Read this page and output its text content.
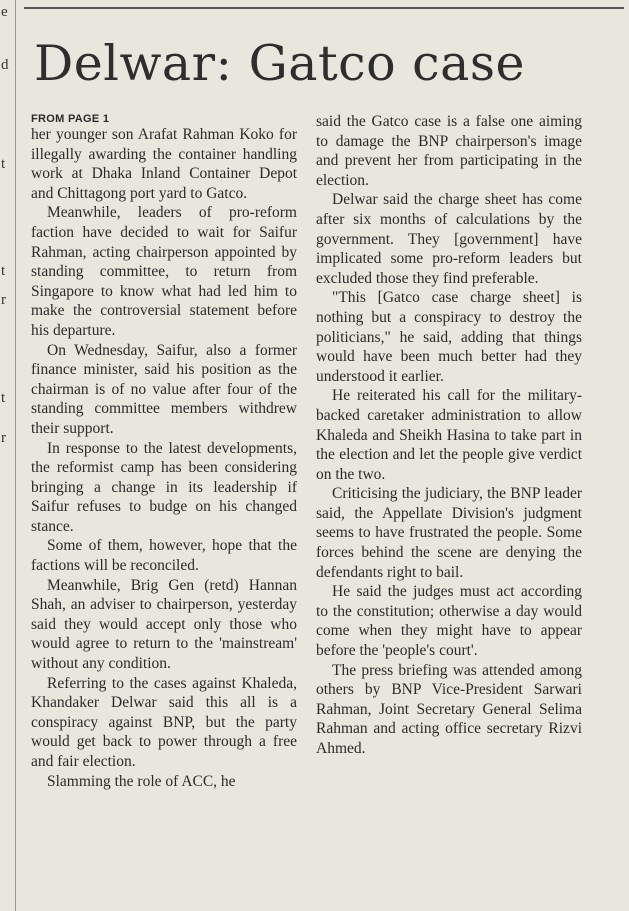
e
d
t
t
r
t
r
Delwar: Gatco case
FROM PAGE 1

her younger son Arafat Rahman Koko for illegally awarding the container handling work at Dhaka Inland Container Depot and Chittagong port yard to Gatco.

Meanwhile, leaders of pro-reform faction have decided to wait for Saifur Rahman, acting chairperson appointed by standing committee, to return from Singapore to know what had led him to make the controversial statement before his departure.

On Wednesday, Saifur, also a former finance minister, said his position as the chairman is of no value after four of the standing committee members withdrew their support.

In response to the latest developments, the reformist camp has been considering bringing a change in its leadership if Saifur refuses to budge on his changed stance.

Some of them, however, hope that the factions will be reconciled.

Meanwhile, Brig Gen (retd) Hannan Shah, an adviser to chairperson, yesterday said they would accept only those who would agree to return to the 'mainstream' without any condition.

Referring to the cases against Khaleda, Khandaker Delwar said this all is a conspiracy against BNP, but the party would get back to power through a free and fair election.

Slamming the role of ACC, he

said the Gatco case is a false one aiming to damage the BNP chairperson's image and prevent her from participating in the election.

Delwar said the charge sheet has come after six months of calculations by the government. They [government] have implicated some pro-reform leaders but excluded those they find preferable.

"This [Gatco case charge sheet] is nothing but a conspiracy to destroy the politicians," he said, adding that things would have been much better had they understood it earlier.

He reiterated his call for the military-backed caretaker administration to allow Khaleda and Sheikh Hasina to take part in the election and let the people give verdict on the two.

Criticising the judiciary, the BNP leader said, the Appellate Division's judgment seems to have frustrated the people. Some forces behind the scene are denying the defendants right to bail.

He said the judges must act according to the constitution; otherwise a day would come when they might have to appear before the 'people's court'.

The press briefing was attended among others by BNP Vice-President Sarwari Rahman, Joint Secretary General Selima Rahman and acting office secretary Rizvi Ahmed.
